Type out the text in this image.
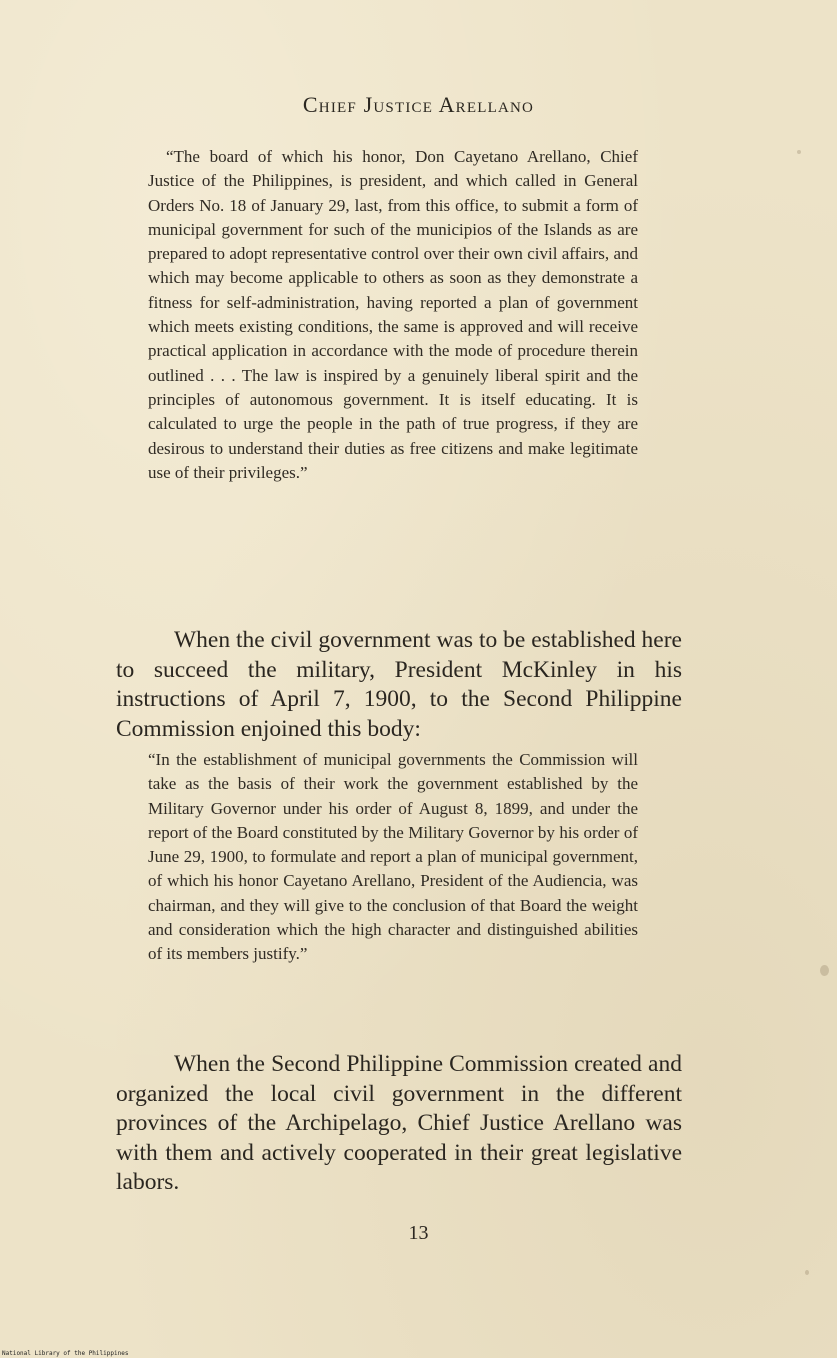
Chief Justice Arellano

“The board of which his honor, Don Cayetano Arellano, Chief Justice of the Philippines, is president, and which called in General Orders No. 18 of January 29, last, from this office, to submit a form of municipal government for such of the municipios of the Islands as are prepared to adopt representative control over their own civil affairs, and which may become applicable to others as soon as they demonstrate a fitness for self-administration, having reported a plan of government which meets existing conditions, the same is approved and will receive practical application in accordance with the mode of procedure therein outlined . . . The law is inspired by a genuinely liberal spirit and the principles of autonomous government. It is itself educating. It is calculated to urge the people in the path of true progress, if they are desirous to understand their duties as free citizens and make legitimate use of their privileges.”

When the civil government was to be established here to succeed the military, President McKinley in his instructions of April 7, 1900, to the Second Philippine Commission enjoined this body:

“In the establishment of municipal governments the Commission will take as the basis of their work the government established by the Military Governor under his order of August 8, 1899, and under the report of the Board constituted by the Military Governor by his order of June 29, 1900, to formulate and report a plan of municipal government, of which his honor Cayetano Arellano, President of the Audiencia, was chairman, and they will give to the conclusion of that Board the weight and consideration which the high character and distinguished abilities of its members justify.”

When the Second Philippine Commission created and organized the local civil government in the different provinces of the Archipelago, Chief Justice Arellano was with them and actively cooperated in their great legislative labors.

13
National Library of the Philippines
